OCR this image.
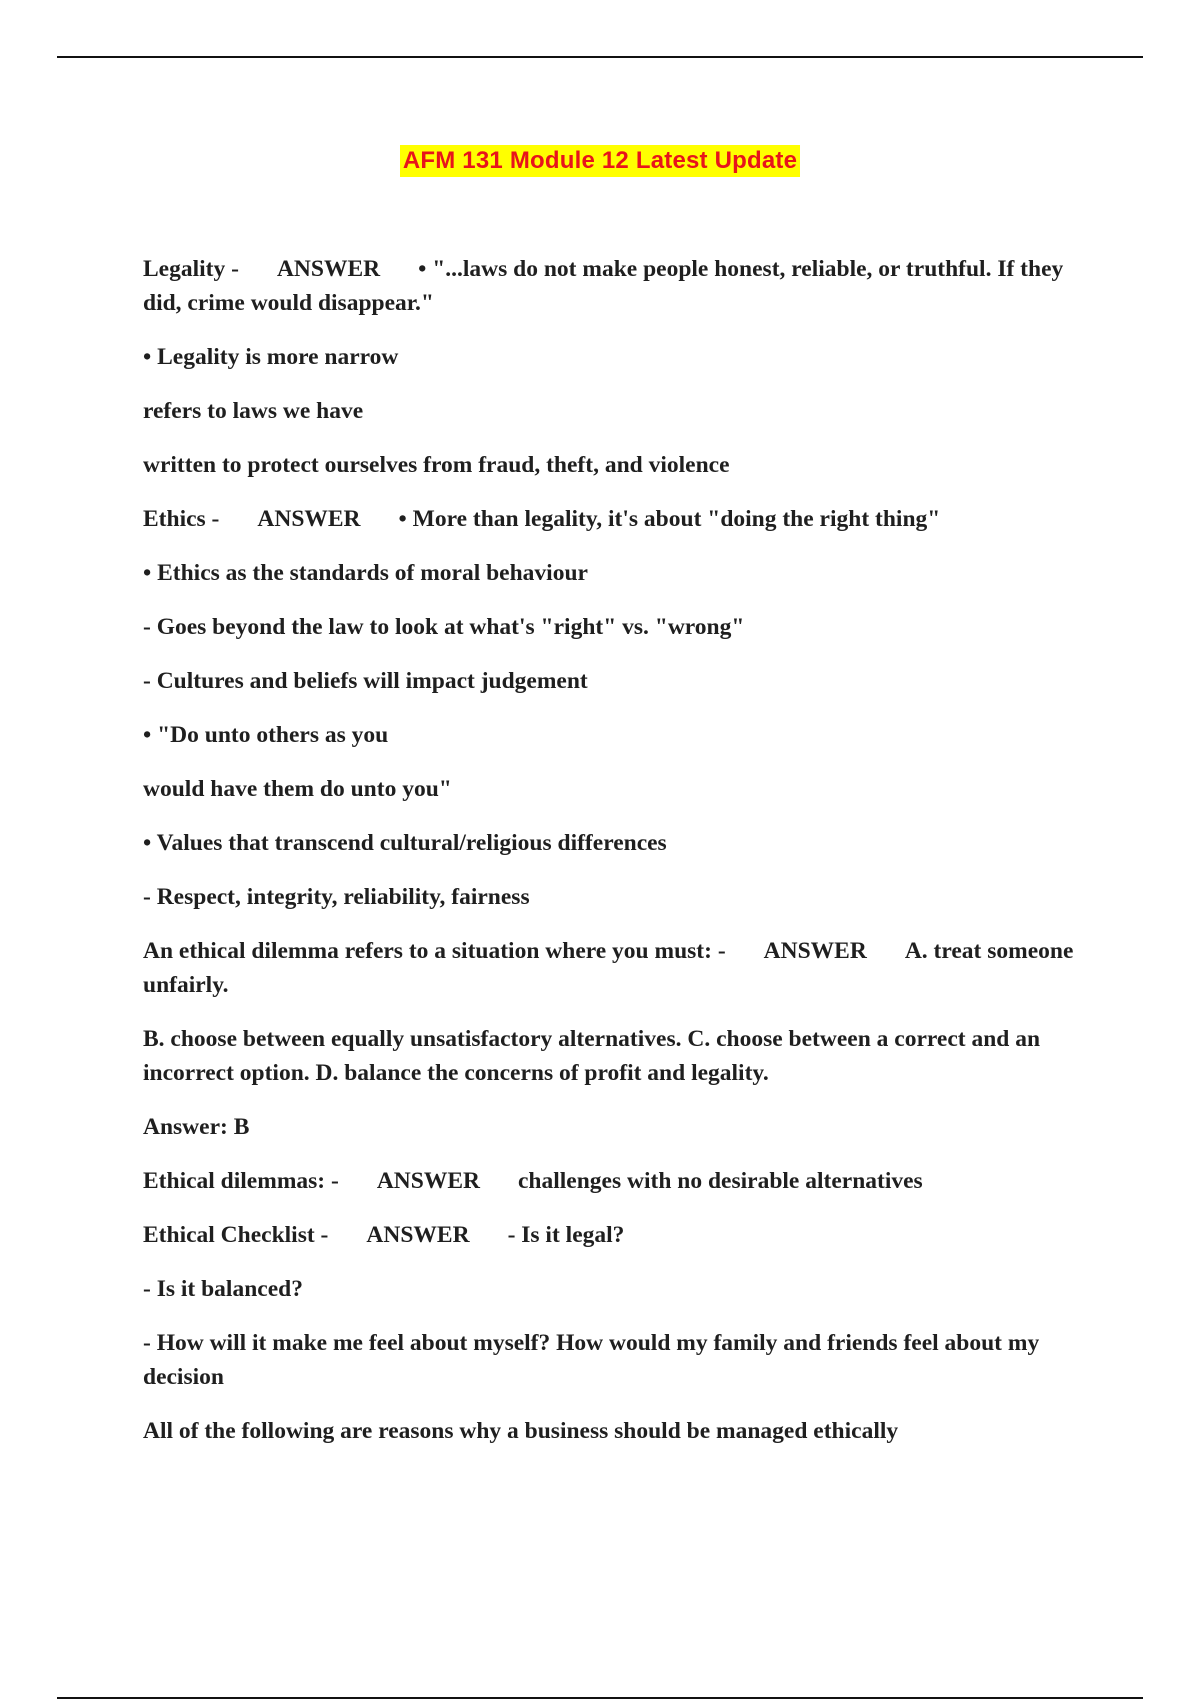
AFM 131 Module 12 Latest Update

Legality - ANSWER • "...laws do not make people honest, reliable, or truthful. If they did, crime would disappear."

• Legality is more narrow

refers to laws we have

written to protect ourselves from fraud, theft, and violence

Ethics - ANSWER • More than legality, it's about "doing the right thing"

• Ethics as the standards of moral behaviour

- Goes beyond the law to look at what's "right" vs. "wrong"

- Cultures and beliefs will impact judgement

• "Do unto others as you

would have them do unto you"

• Values that transcend cultural/religious differences

- Respect, integrity, reliability, fairness

An ethical dilemma refers to a situation where you must: - ANSWER A. treat someone unfairly.

B. choose between equally unsatisfactory alternatives. C. choose between a correct and an incorrect option. D. balance the concerns of profit and legality.

Answer: B

Ethical dilemmas: - ANSWER challenges with no desirable alternatives

Ethical Checklist - ANSWER - Is it legal?

- Is it balanced?

- How will it make me feel about myself? How would my family and friends feel about my decision

All of the following are reasons why a business should be managed ethically
